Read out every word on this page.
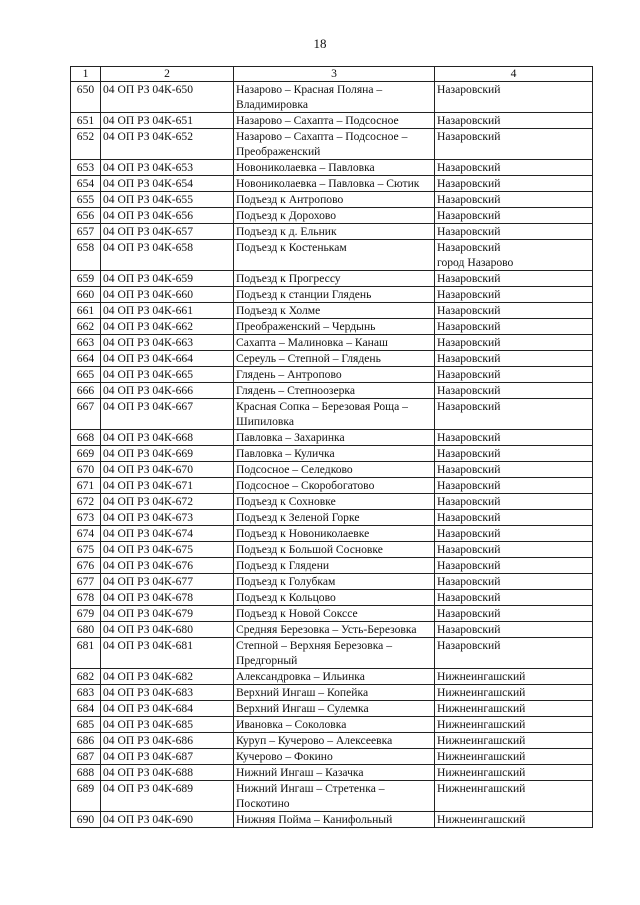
18
1	2	3	4
650	04 ОП РЗ 04К-650	Назарово – Красная Поляна – Владимировка	Назаровский
651	04 ОП РЗ 04К-651	Назарово – Сахапта – Подсосное	Назаровский
652	04 ОП РЗ 04К-652	Назарово – Сахапта – Подсосное – Преображенский	Назаровский
653	04 ОП РЗ 04К-653	Новониколаевка – Павловка	Назаровский
654	04 ОП РЗ 04К-654	Новониколаевка – Павловка – Сютик	Назаровский
655	04 ОП РЗ 04К-655	Подъезд к Антропово	Назаровский
656	04 ОП РЗ 04К-656	Подъезд к Дорохово	Назаровский
657	04 ОП РЗ 04К-657	Подъезд к д. Ельник	Назаровский
658	04 ОП РЗ 04К-658	Подъезд к Костенькам	Назаровский
город Назарово

659	04 ОП РЗ 04К-659	Подъезд к Прогрессу	Назаровский
660	04 ОП РЗ 04К-660	Подъезд к станции Глядень	Назаровский
661	04 ОП РЗ 04К-661	Подъезд к Холме	Назаровский
662	04 ОП РЗ 04К-662	Преображенский – Чердынь	Назаровский
663	04 ОП РЗ 04К-663	Сахапта – Малиновка – Канаш	Назаровский
664	04 ОП РЗ 04К-664	Сереуль – Степной – Глядень	Назаровский
665	04 ОП РЗ 04К-665	Глядень – Антропово	Назаровский
666	04 ОП РЗ 04К-666	Глядень – Степноозерка	Назаровский
667	04 ОП РЗ 04К-667	Красная Сопка – Березовая Роща – Шипиловка	Назаровский
668	04 ОП РЗ 04К-668	Павловка – Захаринка	Назаровский
669	04 ОП РЗ 04К-669	Павловка – Куличка	Назаровский
670	04 ОП РЗ 04К-670	Подсосное – Селедково	Назаровский
671	04 ОП РЗ 04К-671	Подсосное – Скоробогатово	Назаровский
672	04 ОП РЗ 04К-672	Подъезд к Сохновке	Назаровский
673	04 ОП РЗ 04К-673	Подъезд к Зеленой Горке	Назаровский
674	04 ОП РЗ 04К-674	Подъезд к Новониколаевке	Назаровский
675	04 ОП РЗ 04К-675	Подъезд к Большой Сосновке	Назаровский
676	04 ОП РЗ 04К-676	Подъезд к Глядени	Назаровский
677	04 ОП РЗ 04К-677	Подъезд к Голубкам	Назаровский
678	04 ОП РЗ 04К-678	Подъезд к Кольцово	Назаровский
679	04 ОП РЗ 04К-679	Подъезд к Новой Сокссе	Назаровский
680	04 ОП РЗ 04К-680	Средняя Березовка – Усть-Березовка	Назаровский
681	04 ОП РЗ 04К-681	Степной – Верхняя Березовка – Предгорный	Назаровский
682	04 ОП РЗ 04К-682	Александровка – Ильинка	Нижнеингашский
683	04 ОП РЗ 04К-683	Верхний Ингаш – Копейка	Нижнеингашский
684	04 ОП РЗ 04К-684	Верхний Ингаш – Сулемка	Нижнеингашский
685	04 ОП РЗ 04К-685	Ивановка – Соколовка	Нижнеингашский
686	04 ОП РЗ 04К-686	Куруп – Кучерово – Алексеевка	Нижнеингашский
687	04 ОП РЗ 04К-687	Кучерово – Фокино	Нижнеингашский
688	04 ОП РЗ 04К-688	Нижний Ингаш – Казачка	Нижнеингашский
689	04 ОП РЗ 04К-689	Нижний Ингаш – Стретенка – Поскотино	Нижнеингашский
690	04 ОП РЗ 04К-690	Нижняя Пойма – Канифольный	Нижнеингашский
